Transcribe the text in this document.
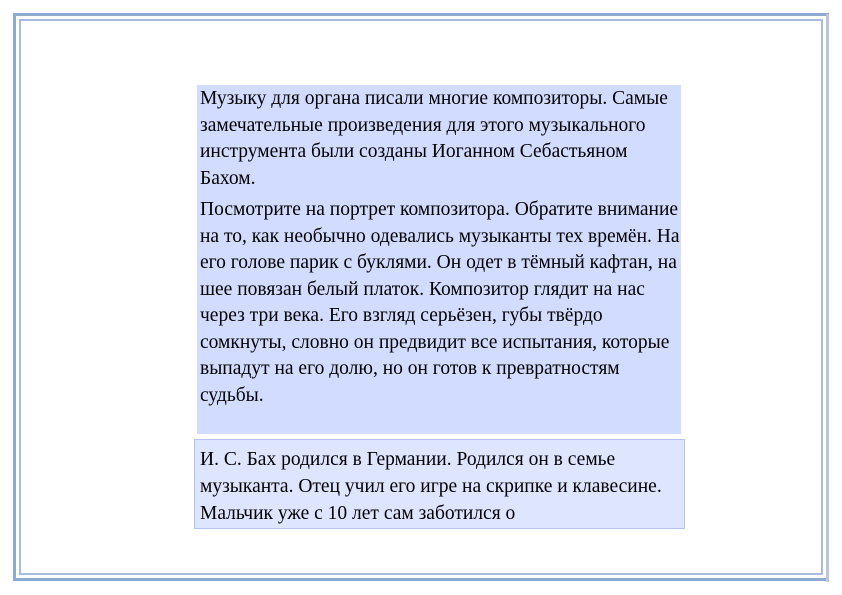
Музыку для органа писали многие композиторы. Самые замечательные произведения для этого музыкального инструмента были созданы Иоганном Себастьяном Бахом.

Посмотрите на портрет композитора. Обратите внимание на то, как необычно одевались музыканты тех времён. На его голове парик с буклями. Он одет в тёмный кафтан, на шее повязан белый платок. Композитор глядит на нас через три века. Его взгляд серьёзен, губы твёрдо сомкнуты, словно он предвидит все испытания, которые выпадут на его долю, но он готов к превратностям судьбы.

И. С. Бах родился в Германии. Родился он в семье музыканта. Отец учил его игре на скрипке и клавесине. Мальчик уже с 10 лет сам заботился о
